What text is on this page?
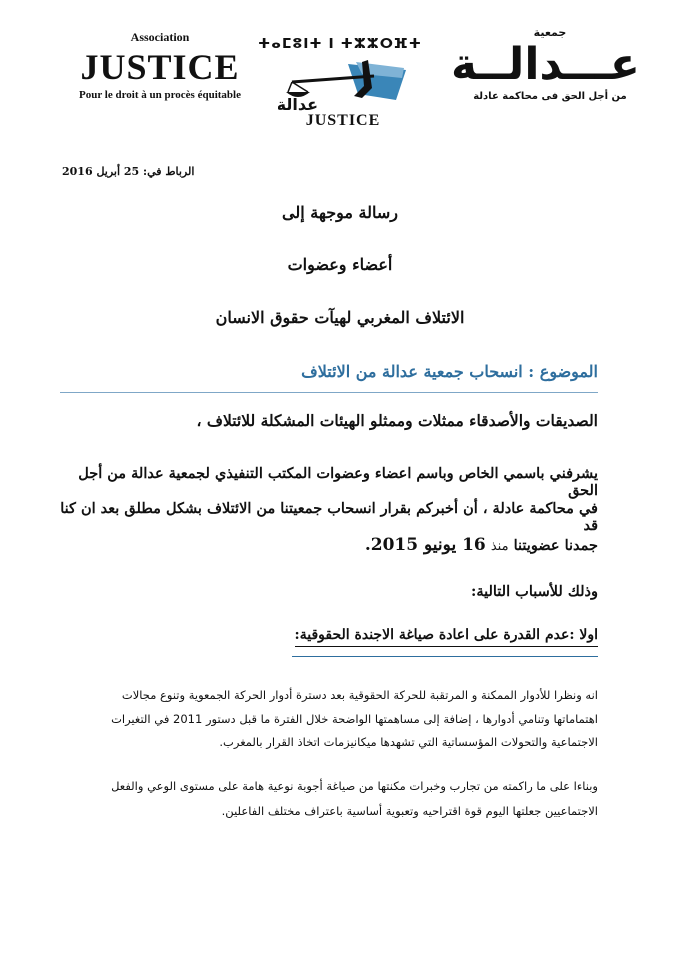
Association
JUSTICE
Pour le droit à un procès équitable
ⵜⴰⵎⵓⵏⵜ ⵏ ⵜⵣⵣⵔⴼⵜ
عدالة
JUSTICE
جمعية
عـــدالــة
من أجل الحق فى محاكمة عادلة
الرباط في: 25 أبريل 2016
رسالة موجهة إلى
أعضاء وعضوات
الائتلاف المغربي لهيآت حقوق الانسان
الموضوع : انسحاب جمعية عدالة من الائتلاف
الصديقات والأصدقاء ممثلات وممثلو الهيئات المشكلة للائتلاف ،
يشرفني باسمي الخاص وباسم اعضاء وعضوات المكتب التنفيذي لجمعية عدالة من أجل الحق
في محاكمة عادلة ، أن أخبركم بقرار انسحاب جمعيتنا من الائتلاف بشكل مطلق بعد ان كنا قد
جمدنا عضويتنا منذ 16 يونيو 2015.
وذلك للأسباب التالية:
اولا :عدم القدرة على اعادة صياغة الاجندة الحقوقية:
انه ونظرا للأدوار الممكنة و المرتقبة للحركة الحقوقية بعد دسترة أدوار الحركة الجمعوية وتنوع مجالات
اهتماماتها وتنامي أدوارها ، إضافة إلى مساهمتها الواضحة خلال الفترة ما قبل دستور 2011 في التغيرات
الاجتماعية والتحولات المؤسساتية التي تشهدها ميكانيزمات اتخاذ القرار بالمغرب.
وبناءا على ما راكمته من تجارب وخبرات مكنتها من صياغة أجوبة نوعية هامة على مستوى الوعي والفعل
الاجتماعيين جعلتها اليوم قوة اقتراحيه وتعبوية أساسية باعتراف مختلف الفاعلين.
